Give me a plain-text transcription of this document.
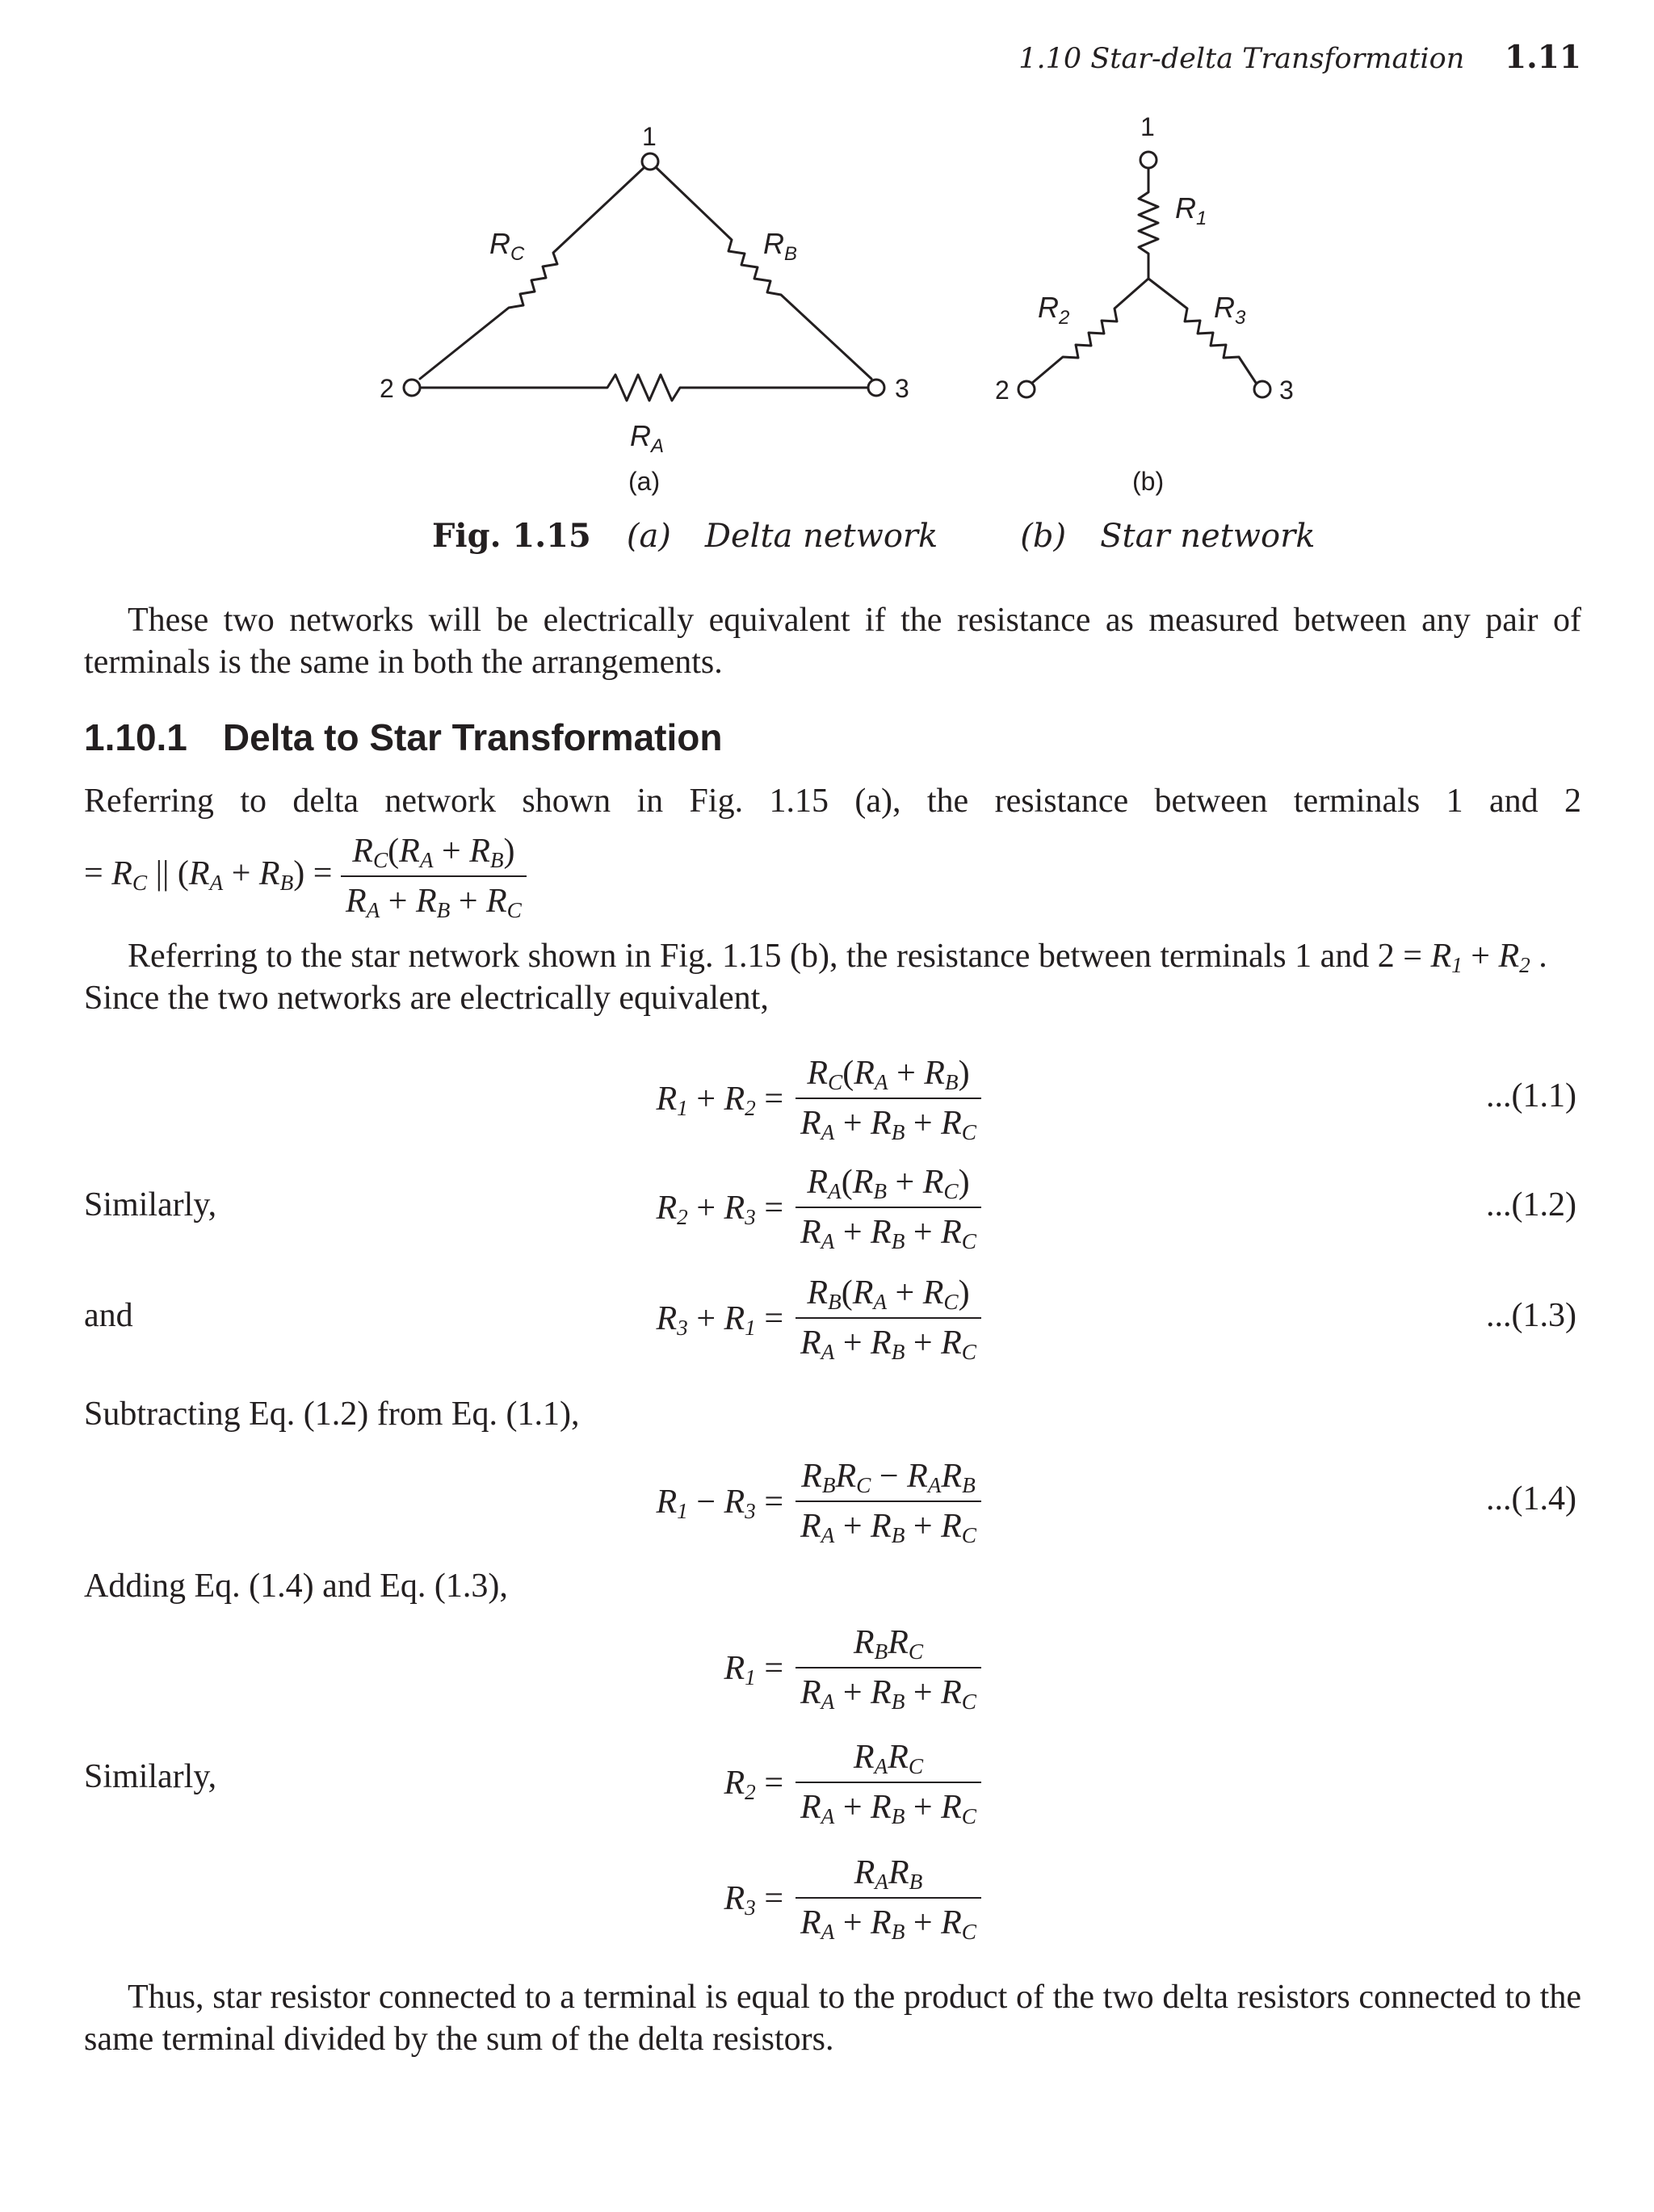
1.10 Star-delta Transformation 1.11
1
2	3
$R_C$	$R_B$
$R_A$
(a)
1
2	3
$R_1$
$R_2$	$R_3$
(b)
Fig. 1.15 (a) Delta network	(b) Star network
These two networks will be electrically equivalent if the resistance as measured between any pair of terminals is the same in both the arrangements.
1.10.1 Delta to Star Transformation
Referring to delta network shown in Fig. 1.15 (a), the resistance between terminals 1 and 2
= $R_C$ || $(R_A + R_B) = \frac{R_C(R_A + R_B)}{R_A + R_B + R_C}$
Referring to the star network shown in Fig. 1.15 (b), the resistance between terminals 1 and $2 = R_1 + R_2$ .
Since the two networks are electrically equivalent,
$R_1 + R_2 = \frac{R_C(R_A + R_B)}{R_A + R_B + R_C}$	...(1.1)
Similarly,	$R_2 + R_3 = \frac{R_A(R_B + R_C)}{R_A + R_B + R_C}$	...(1.2)
and	$R_3 + R_1 = \frac{R_B(R_A + R_C)}{R_A + R_B + R_C}$	...(1.3)
Subtracting Eq. (1.2) from Eq. (1.1),
$R_1 - R_3 = \frac{R_BR_C - R_AR_B}{R_A + R_B + R_C}$	...(1.4)
Adding Eq. (1.4) and Eq. (1.3),
$R_1 = \frac{R_BR_C}{R_A + R_B + R_C}$
Similarly,	$R_2 = \frac{R_AR_C}{R_A + R_B + R_C}$
$R_3 = \frac{R_AR_B}{R_A + R_B + R_C}$
Thus, star resistor connected to a terminal is equal to the product of the two delta resistors connected to the same terminal divided by the sum of the delta resistors.
